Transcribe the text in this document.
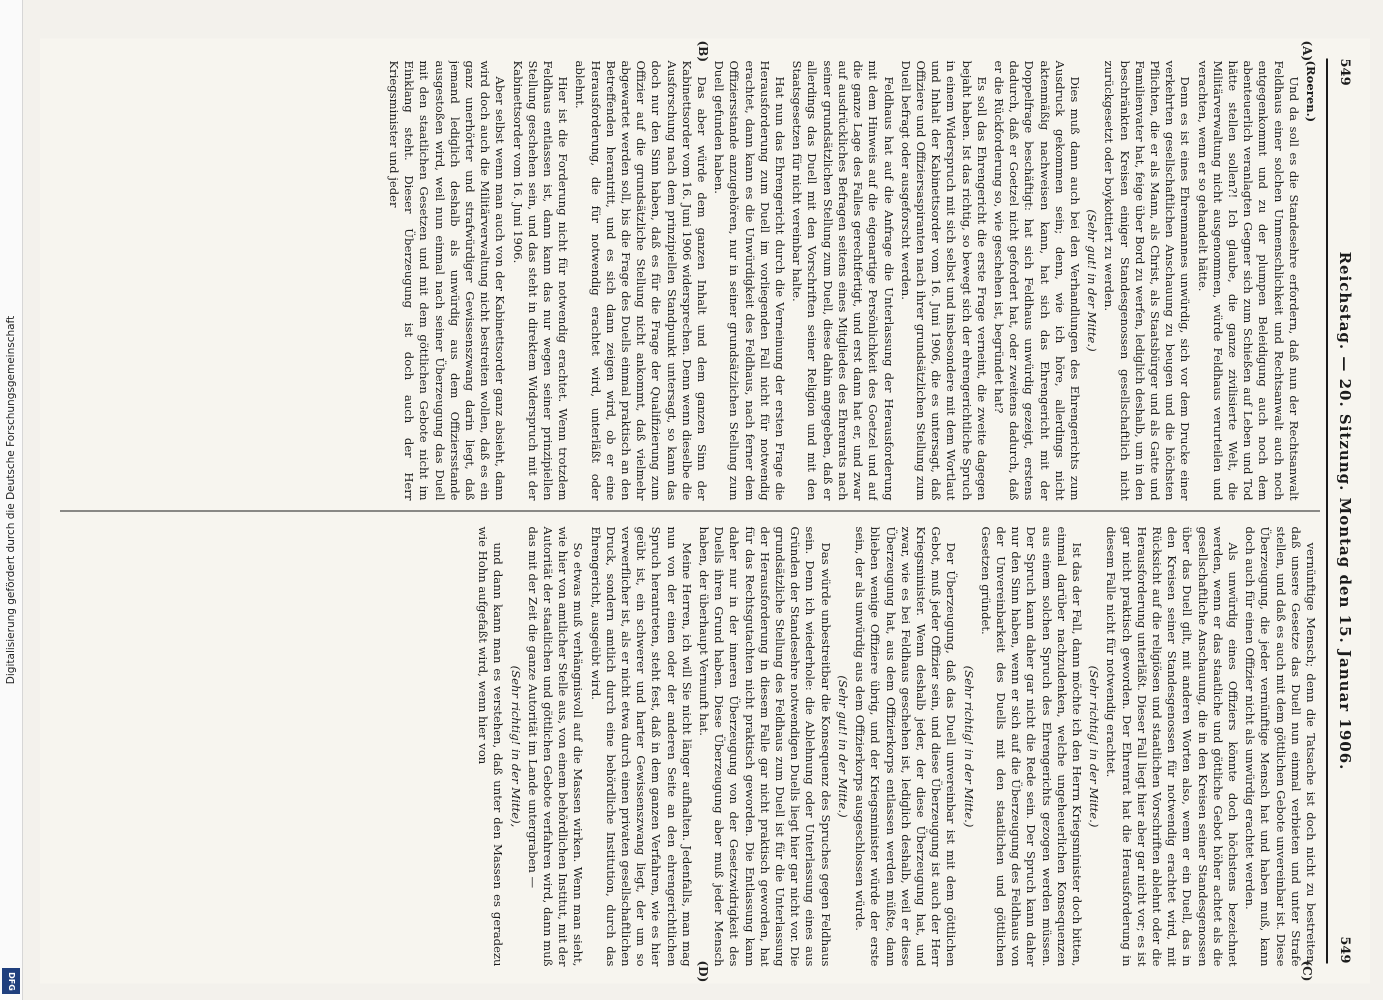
Digitalisierung gefördert durch die Deutsche Forschungsgemeinschaft
DFG
549
Reichstag. — 20. Sitzung. Montag den 15. Januar 1906.
549
(A)
(B)
(C)
(D)

(Roeren.)

Und da soll es die Standesehre erfordern, daß nun der Rechtsanwalt Feldhaus einer solchen Unmenschlichkeit und Rechtsanwalt auch noch entgegenkommt und zu der plumpen Beleidigung auch noch dem abenteuerlich veranlagten Gegner sich zum Schießen auf Leben und Tod hätte stellen sollen?! Ich glaube, die ganze zivilisierte Welt, die Militärverwaltung nicht ausgenommen, würde Feldhaus verurteilen und verachten, wenn er so gehandelt hätte.

Denn es ist eines Ehrenmannes unwürdig, sich vor dem Drucke einer verkehrten gesellschaftlichen Anschauung zu beugen und die höchsten Pflichten, die er als Mann, als Christ, als Staatsbürger und als Gatte und Familienvater hat, feige über Bord zu werfen, lediglich deshalb, um in den beschränkten Kreisen einiger Standesgenossen gesellschaftlich nicht zurückgesetzt oder boykottiert zu werden.

(Sehr gut! in der Mitte.)

Dies muß dann auch bei den Verhandlungen des Ehrengerichts zum Ausdruck gekommen sein; denn, wie ich höre, allerdings nicht aktenmäßig nachweisen kann, hat sich das Ehrengericht mit der Doppelfrage beschäftigt: hat sich Feldhaus unwürdig gezeigt, erstens dadurch, daß er Goetzel nicht gefordert hat, oder zweitens dadurch, daß er die Rückforderung so, wie geschehen ist, begründet hat?

Es soll das Ehrengericht die erste Frage verneint, die zweite dagegen bejaht haben. Ist das richtig, so bewegt sich der ehrengerichtliche Spruch in einem Widerspruch mit sich selbst und insbesondere mit dem Wortlaut und Inhalt der Kabinettsorder vom 16. Juni 1906, die es untersagt, daß Offiziere und Offiziersaspiranten nach ihrer grundsätzlichen Stellung zum Duell befragt oder ausgeforscht werden.

Feldhaus hat auf die Anfrage die Unterlassung der Herausforderung mit dem Hinweis auf die eigenartige Persönlichkeit des Goetzel und auf die ganze Lage des Falles gerechtfertigt, und erst dann hat er, und zwar auf ausdrückliches Befragen seitens eines Mitgliedes des Ehrenrats nach seiner grundsätzlichen Stellung zum Duell, diese dahin angegeben, daß er allerdings das Duell mit den Vorschriften seiner Religion und mit den Staatsgesetzen für nicht vereinbar halte.

Hat nun das Ehrengericht durch die Verneinung der ersten Frage die Herausforderung zum Duell im vorliegenden Fall nicht für notwendig erachtet, dann kann es die Unwürdigkeit des Feldhaus, nach ferner dem Offiziersstande anzugehören, nur in seiner grundsätzlichen Stellung zum Duell gefunden haben.

Das aber würde dem ganzen Inhalt und dem ganzen Sinn der Kabinettsorder vom 16. Juni 1906 widersprechen. Denn wenn dieselbe die Ausforschung nach dem prinzipiellen Standpunkt untersagt, so kann das doch nur den Sinn haben, daß es für die Frage der Qualifizierung zum Offizier auf die grundsätzliche Stellung nicht ankommt, daß vielmehr abgewartet werden soll, bis die Frage des Duells einmal praktisch an den Betreffenden herantritt, und es sich dann zeigen wird, ob er eine Herausforderung, die für notwendig erachtet wird, unterläßt oder ablehnt.

Hier ist die Forderung nicht für notwendig erachtet. Wenn trotzdem Feldhaus entlassen ist, dann kann das nur wegen seiner prinzipiellen Stellung geschehen sein, und das steht in direktem Widerspruch mit der Kabinettsorder vom 16. Juni 1906.

Aber selbst wenn man auch von der Kabinettsorder ganz absieht, dann wird doch auch die Militärverwaltung nicht bestreiten wollen, daß es ein ganz unerhörter und strafwürdiger Gewissenszwang darin liegt, daß jemand lediglich deshalb als unwürdig aus dem Offiziersstande ausgestoßen wird, weil nun einmal nach seiner Überzeugung das Duell mit den staatlichen Gesetzen und mit dem göttlichen Gebote nicht im Einklang steht. Dieser Überzeugung ist doch auch der Herr Kriegsminister und jeder

vernünftige Mensch; denn die Tatsache ist doch nicht zu bestreiten, daß unsere Gesetze das Duell nun einmal verbieten und unter Strafe stellen, und daß es auch mit dem göttlichen Gebote unvereinbar ist. Diese Überzeugung, die jeder vernünftige Mensch hat und haben muß, kann doch auch für einen Offizier nicht als unwürdig erachtet werden.

Als unwürdig eines Offiziers könnte doch höchstens bezeichnet werden, wenn er das staatliche und göttliche Gebot höher achtet als die gesellschaftliche Anschauung, die in den Kreisen seiner Standesgenossen über das Duell gilt, mit anderen Worten also, wenn er ein Duell, das in den Kreisen seiner Standesgenossen für notwendig erachtet wird, mit Rücksicht auf die religiösen und staatlichen Vorschriften ablehnt oder die Herausforderung unterläßt. Dieser Fall liegt hier aber gar nicht vor; es ist gar nicht praktisch geworden. Der Ehrenrat hat die Herausforderung in diesem Falle nicht für notwendig erachtet.

(Sehr richtig! in der Mitte.)

Ist das der Fall, dann möchte ich den Herrn Kriegsminister doch bitten, einmal darüber nachzudenken, welche ungeheuerlichen Konsequenzen aus einem solchen Spruch des Ehrengerichts gezogen werden müssen. Der Spruch kann daher gar nicht die Rede sein. Der Spruch kann daher nur den Sinn haben, wenn er sich auf die Überzeugung des Feldhaus von der Unvereinbarkeit des Duells mit den staatlichen und göttlichen Gesetzen gründet.

(Sehr richtig! in der Mitte.)

Der Überzeugung, daß das Duell unvereinbar ist mit dem göttlichen Gebot, muß jeder Offizier sein, und diese Überzeugung ist auch der Herr Kriegsminister. Wenn deshalb jeder, der diese Überzeugung hat, und zwar, wie es bei Feldhaus geschehen ist, lediglich deshalb, weil er diese Überzeugung hat, aus dem Offizierkorps entlassen werden müßte, dann blieben wenige Offiziere übrig, und der Kriegsminister würde der erste sein, der als unwürdig aus dem Offizierkorps ausgeschlossen würde.

(Sehr gut! in der Mitte.)

Das würde unbestreitbar die Konsequenz des Spruches gegen Feldhaus sein. Denn ich wiederhole: die Ablehnung oder Unterlassung eines aus Gründen der Standesehre notwendigen Duells liegt hier gar nicht vor. Die grundsätzliche Stellung des Feldhaus zum Duell ist für die Unterlassung der Herausforderung in diesem Falle gar nicht praktisch geworden, hat für das Rechtsgutachten nicht praktisch geworden. Die Entlassung kann daher nur in der inneren Überzeugung von der Gesetzwidrigkeit des Duells ihren Grund haben. Diese Überzeugung aber muß jeder Mensch haben, der überhaupt Vernunft hat.

Meine Herren, ich will Sie nicht länger aufhalten. Jedenfalls, man mag nun von der einen oder der anderen Seite an den ehrengerichtlichen Spruch herantreten, steht fest, daß in dem ganzen Verfahren, wie es hier geübt ist, ein schwerer und harter Gewissenszwang liegt, der um so verwerflicher ist, als er nicht etwa durch einen privaten gesellschaftlichen Druck, sondern amtlich durch eine behördliche Institution, durch das Ehrengericht, ausgeübt wird.

So etwas muß verhängnisvoll auf die Massen wirken. Wenn man sieht, wie hier von amtlicher Stelle aus, von einem behördlichen Institut, mit der Autorität der staatlichen und göttlichen Gebote verfahren wird, dann muß das mit der Zeit die ganze Autorität im Lande untergraben —

(Sehr richtig! in der Mitte),

und dann kann man es verstehen, daß unter den Massen es geradezu wie Hohn aufgefaßt wird, wenn hier von
